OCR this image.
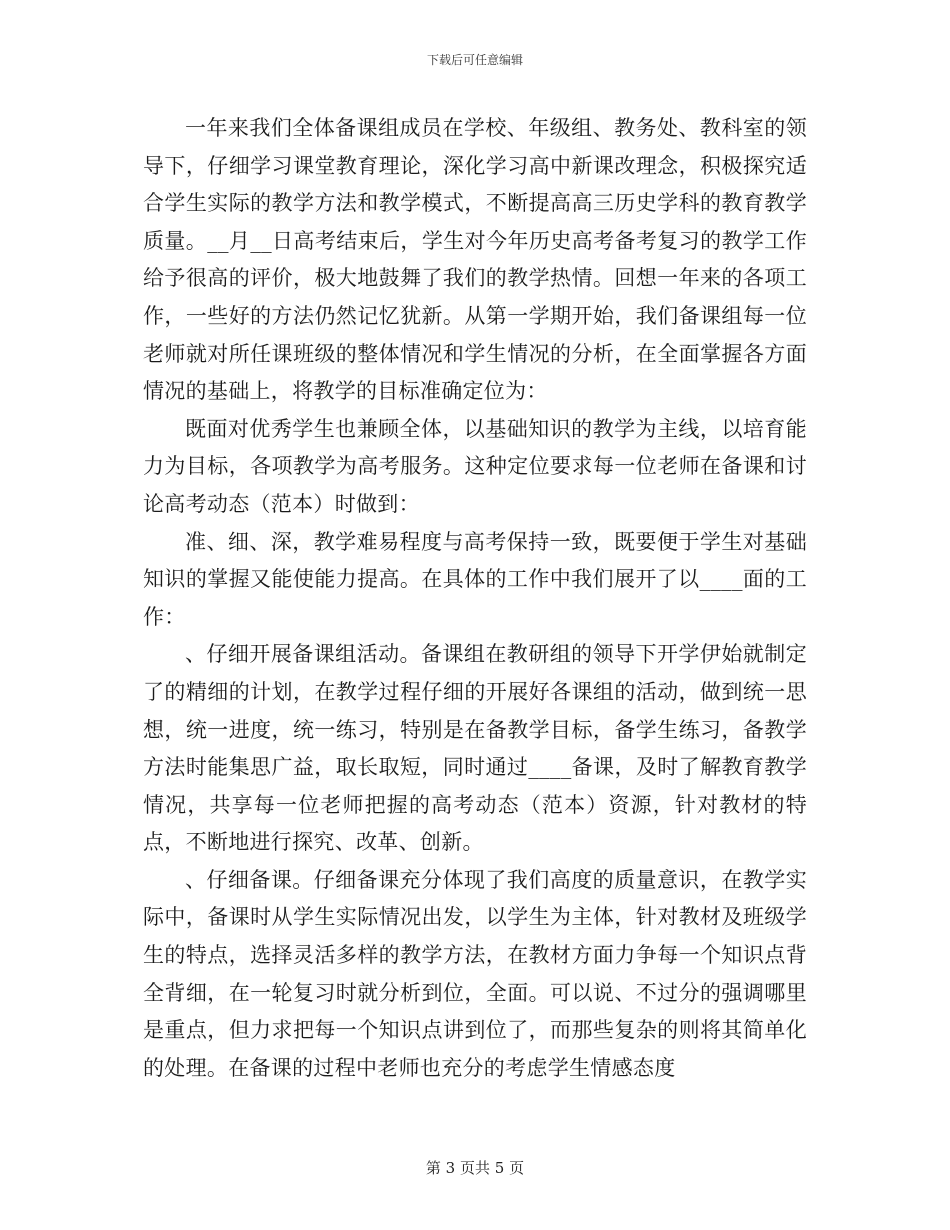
下载后可任意编辑

一年来我们全体备课组成员在学校、年级组、教务处、教科室的领导下，仔细学习课堂教育理论，深化学习高中新课改理念，积极探究适合学生实际的教学方法和教学模式，不断提高高三历史学科的教育教学质量。__月__日高考结束后，学生对今年历史高考备考复习的教学工作给予很高的评价，极大地鼓舞了我们的教学热情。回想一年来的各项工作，一些好的方法仍然记忆犹新。从第一学期开始，我们备课组每一位老师就对所任课班级的整体情况和学生情况的分析，在全面掌握各方面情况的基础上，将教学的目标准确定位为：

既面对优秀学生也兼顾全体，以基础知识的教学为主线，以培育能力为目标，各项教学为高考服务。这种定位要求每一位老师在备课和讨论高考动态（范本）时做到：

准、细、深，教学难易程度与高考保持一致，既要便于学生对基础知识的掌握又能使能力提高。在具体的工作中我们展开了以____面的工作：

、仔细开展备课组活动。备课组在教研组的领导下开学伊始就制定了的精细的计划，在教学过程仔细的开展好各课组的活动，做到统一思想，统一进度，统一练习，特别是在备教学目标，备学生练习，备教学方法时能集思广益，取长取短，同时通过____备课，及时了解教育教学情况，共享每一位老师把握的高考动态（范本）资源，针对教材的特点，不断地进行探究、改革、创新。

、仔细备课。仔细备课充分体现了我们高度的质量意识，在教学实际中，备课时从学生实际情况出发，以学生为主体，针对教材及班级学生的特点，选择灵活多样的教学方法，在教材方面力争每一个知识点背全背细，在一轮复习时就分析到位，全面。可以说、不过分的强调哪里是重点，但力求把每一个知识点讲到位了，而那些复杂的则将其简单化的处理。在备课的过程中老师也充分的考虑学生情感态度

第 3 页共 5 页
